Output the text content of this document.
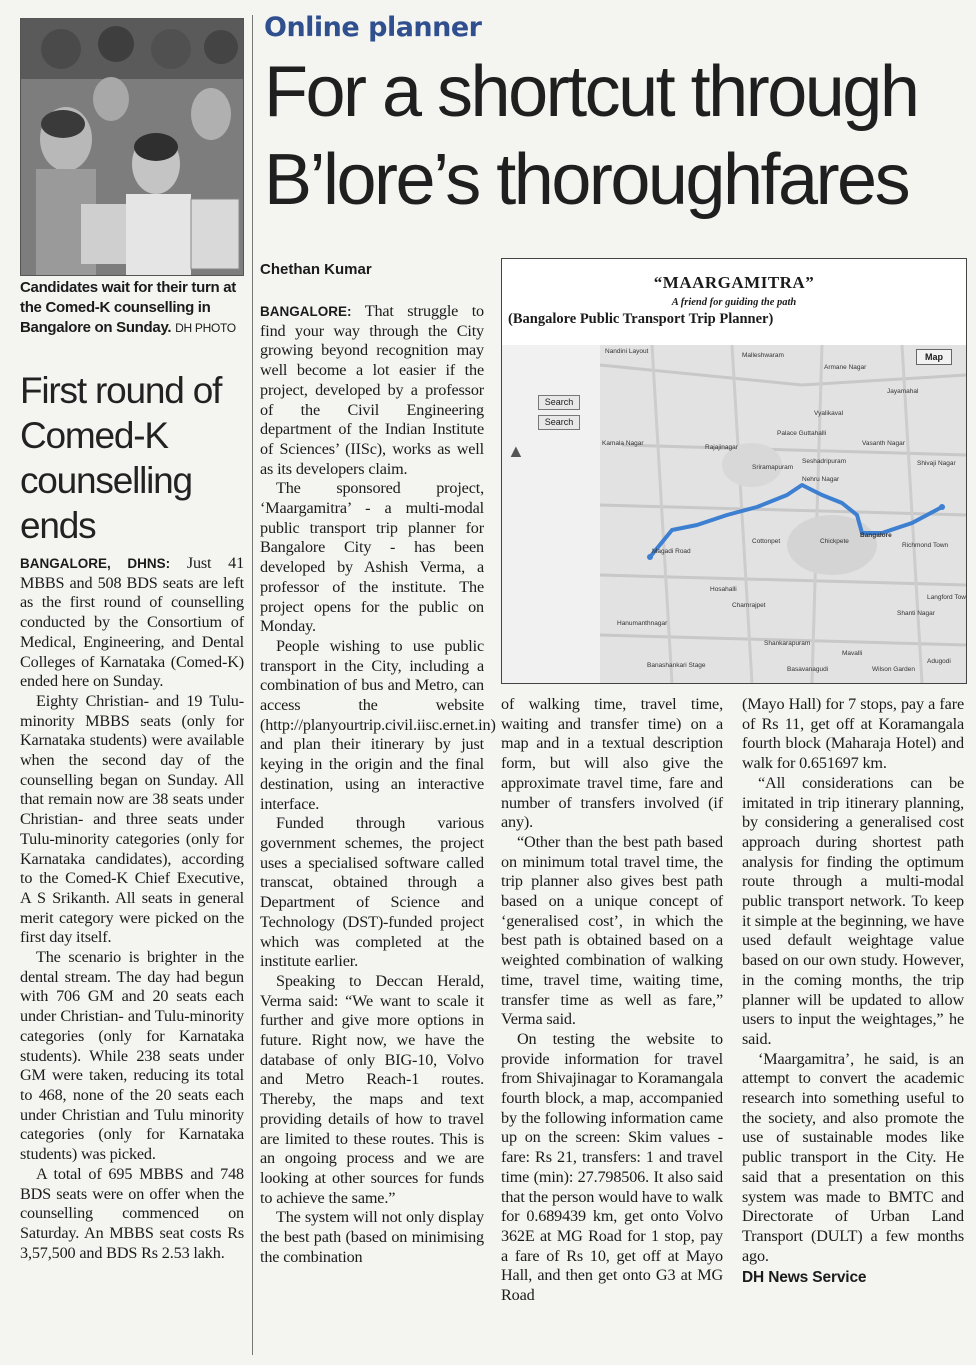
Candidates wait for their turn at the Comed-K counselling in Bangalore on Sunday. DH PHOTO
First round of Comed-K counselling ends

BANGALORE, DHNS: Just 41 MBBS and 508 BDS seats are left as the first round of counselling conducted by the Consortium of Medical, Engineering, and Dental Colleges of Karnataka (Comed-K) ended here on Sunday.

Eighty Christian- and 19 Tulu-minority MBBS seats (only for Karnataka students) were available when the second day of the counselling began on Sunday. All that remain now are 38 seats under Christian- and three seats under Tulu-minority categories (only for Karnataka candidates), according to the Comed-K Chief Executive, A S Srikanth. All seats in general merit category were picked on the first day itself.

The scenario is brighter in the dental stream. The day had begun with 706 GM and 20 seats each under Christian- and Tulu-minority categories (only for Karnataka students). While 238 seats under GM were taken, reducing its total to 468, none of the 20 seats each under Christian and Tulu minority categories (only for Karnataka students) was picked.

A total of 695 MBBS and 748 BDS seats were on offer when the counselling commenced on Saturday. An MBBS seat costs Rs 3,57,500 and BDS Rs 2.53 lakh.

Online planner
For a shortcut through B’lore’s thoroughfares
Chethan Kumar

BANGALORE: That struggle to find your way through the City growing beyond recognition may well become a lot easier if the project, developed by a professor of the Civil Engineering department of the Indian Institute of Sciences’ (IISc), works as well as its developers claim.

The sponsored project, ‘Maargamitra’ - a multi-modal public transport trip planner for Bangalore City - has been developed by Ashish Verma, a professor of the institute. The project opens for the public on Monday.

People wishing to use public transport in the City, including a combination of bus and Metro, can access the website (http://planyourtrip.civil.iisc.ernet.in) and plan their itinerary by just keying in the origin and the final destination, using an interactive interface.

Funded through various government schemes, the project uses a specialised software called transcat, obtained through a Department of Science and Technology (DST)-funded project which was completed at the institute earlier.

Speaking to Deccan Herald, Verma said: “We want to scale it further and give more options in future. Right now, we have the database of only BIG-10, Volvo and Metro Reach-1 routes. Thereby, the maps and text providing details of how to travel are limited to these routes. This is an ongoing process and we are looking at other sources for funds to achieve the same.”

The system will not only display the best path (based on minimising the combination

“MAARGAMITRA”
A friend for guiding the path
(Bangalore Public Transport Trip Planner)
▲
Nandini Layout
Malleshwaram
Armane Nagar
Rajajinagar
Sriramapuram
Seshadripuram
Nehru Nagar
Vasanth Nagar
Shivaji Nagar
Jayamahal
Magadi Road
Cottonpet	Chickpete
Bangalore
Richmond Town
Hosahalli
Chamrajpet
Shankarapuram
Basavanagudi
Hanumanthnagar
Banashankari Stage
Mavalli
Wilson Garden
Langford Town
Shanti Nagar
Adugodi
Vyalikaval
Palace Guttahalli
Kamala Nagar
Search
Search
Map

of walking time, travel time, waiting and transfer time) on a map and in a textual description form, but will also give the approximate travel time, fare and number of transfers involved (if any).

“Other than the best path based on minimum total travel time, the trip planner also gives best path based on a unique concept of ‘generalised cost’, in which the best path is obtained based on a weighted combination of walking time, travel time, waiting time, transfer time as well as fare,” Verma said.

On testing the website to provide information for travel from Shivajinagar to Koramangala fourth block, a map, accompanied by the following information came up on the screen: Skim values - fare: Rs 21, transfers: 1 and travel time (min): 27.798506. It also said that the person would have to walk for 0.689439 km, get onto Volvo 362E at MG Road for 1 stop, pay a fare of Rs 10, get off at Mayo Hall, and then get onto G3 at MG Road

(Mayo Hall) for 7 stops, pay a fare of Rs 11, get off at Koramangala fourth block (Maharaja Hotel) and walk for 0.651697 km.

“All considerations can be imitated in trip itinerary planning, by considering a generalised cost approach during shortest path analysis for finding the optimum route through a multi-modal public transport network. To keep it simple at the beginning, we have used default weightage value based on our own study. However, in the coming months, the trip planner will be updated to allow users to input the weightages,” he said.

‘Maargamitra’, he said, is an attempt to convert the academic research into something useful to the society, and also promote the use of sustainable modes like public transport in the City. He said that a presentation on this system was made to BMTC and Directorate of Urban Land Transport (DULT) a few months ago.

DH News Service
